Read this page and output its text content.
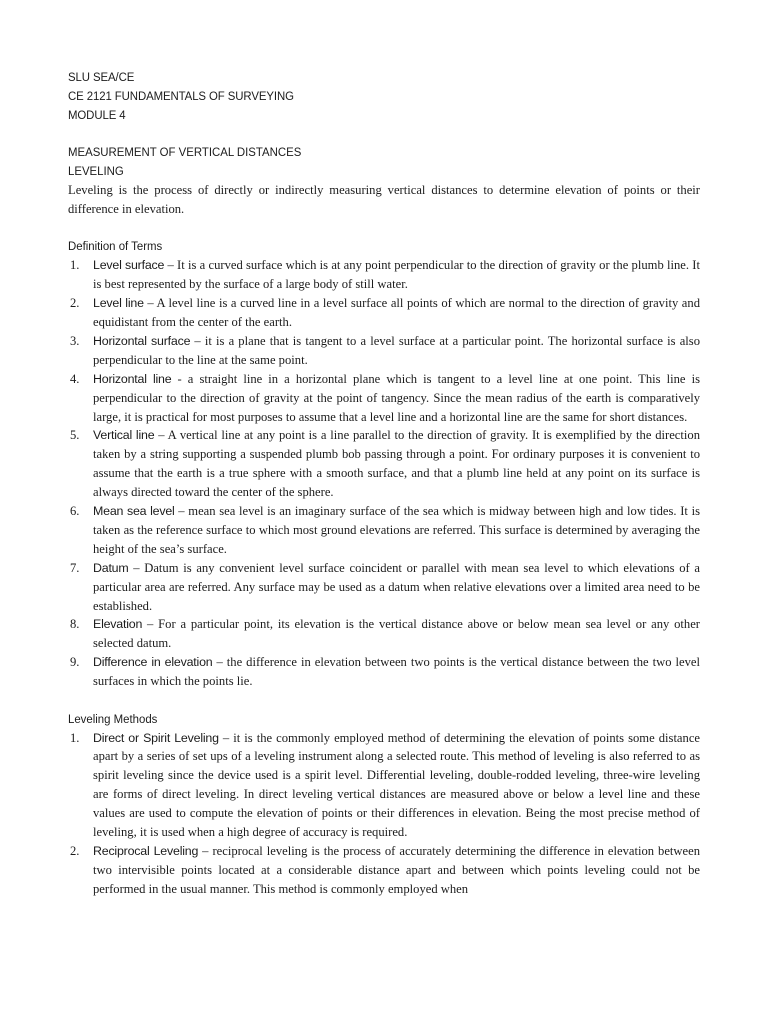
SLU SEA/CE

CE 2121 FUNDAMENTALS OF SURVEYING

MODULE 4

MEASUREMENT OF VERTICAL DISTANCES

LEVELING

Leveling is the process of directly or indirectly measuring vertical distances to determine elevation of points or their difference in elevation.

Definition of Terms

1. Level surface – It is a curved surface which is at any point perpendicular to the direction of gravity or the plumb line. It is best represented by the surface of a large body of still water.
2. Level line – A level line is a curved line in a level surface all points of which are normal to the direction of gravity and equidistant from the center of the earth.
3. Horizontal surface – it is a plane that is tangent to a level surface at a particular point. The horizontal surface is also perpendicular to the line at the same point.
4. Horizontal line - a straight line in a horizontal plane which is tangent to a level line at one point. This line is perpendicular to the direction of gravity at the point of tangency. Since the mean radius of the earth is comparatively large, it is practical for most purposes to assume that a level line and a horizontal line are the same for short distances.
5. Vertical line – A vertical line at any point is a line parallel to the direction of gravity. It is exemplified by the direction taken by a string supporting a suspended plumb bob passing through a point. For ordinary purposes it is convenient to assume that the earth is a true sphere with a smooth surface, and that a plumb line held at any point on its surface is always directed toward the center of the sphere.
6. Mean sea level – mean sea level is an imaginary surface of the sea which is midway between high and low tides. It is taken as the reference surface to which most ground elevations are referred. This surface is determined by averaging the height of the sea’s surface.
7. Datum – Datum is any convenient level surface coincident or parallel with mean sea level to which elevations of a particular area are referred. Any surface may be used as a datum when relative elevations over a limited area need to be established.
8. Elevation – For a particular point, its elevation is the vertical distance above or below mean sea level or any other selected datum.
9. Difference in elevation – the difference in elevation between two points is the vertical distance between the two level surfaces in which the points lie.

Leveling Methods

1. Direct or Spirit Leveling – it is the commonly employed method of determining the elevation of points some distance apart by a series of set ups of a leveling instrument along a selected route. This method of leveling is also referred to as spirit leveling since the device used is a spirit level. Differential leveling, double-rodded leveling, three-wire leveling are forms of direct leveling. In direct leveling vertical distances are measured above or below a level line and these values are used to compute the elevation of points or their differences in elevation. Being the most precise method of leveling, it is used when a high degree of accuracy is required.
2. Reciprocal Leveling – reciprocal leveling is the process of accurately determining the difference in elevation between two intervisible points located at a considerable distance apart and between which points leveling could not be performed in the usual manner. This method is commonly employed when
